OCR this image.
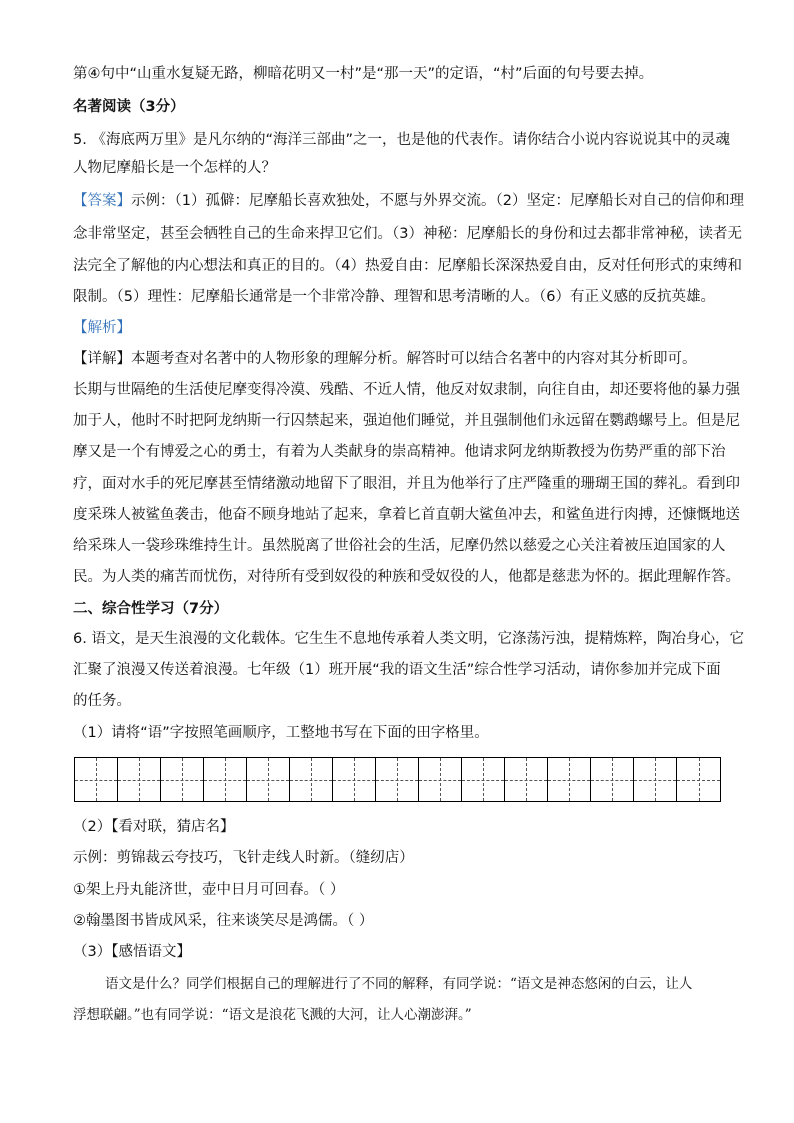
第④句中“山重水复疑无路，柳暗花明又一村”是“那一天”的定语，“村”后面的句号要去掉。
名著阅读（3分）
5. 《海底两万里》是凡尔纳的“海洋三部曲”之一，也是他的代表作。请你结合小说内容说说其中的灵魂
人物尼摩船长是一个怎样的人？
【答案】示例：（1）孤僻：尼摩船长喜欢独处，不愿与外界交流。（2）坚定：尼摩船长对自己的信仰和理
念非常坚定，甚至会牺牲自己的生命来捍卫它们。（3）神秘：尼摩船长的身份和过去都非常神秘，读者无
法完全了解他的内心想法和真正的目的。（4）热爱自由：尼摩船长深深热爱自由，反对任何形式的束缚和
限制。（5）理性：尼摩船长通常是一个非常冷静、理智和思考清晰的人。（6）有正义感的反抗英雄。
【解析】
【详解】本题考查对名著中的人物形象的理解分析。解答时可以结合名著中的内容对其分析即可。
长期与世隔绝的生活使尼摩变得冷漠、残酷、不近人情，他反对奴隶制，向往自由，却还要将他的暴力强
加于人，他时不时把阿龙纳斯一行囚禁起来，强迫他们睡觉，并且强制他们永远留在鹦鹉螺号上。但是尼
摩又是一个有博爱之心的勇士，有着为人类献身的崇高精神。他请求阿龙纳斯教授为伤势严重的部下治
疗，面对水手的死尼摩甚至情绪激动地留下了眼泪，并且为他举行了庄严隆重的珊瑚王国的葬礼。看到印
度采珠人被鲨鱼袭击，他奋不顾身地站了起来，拿着匕首直朝大鲨鱼冲去，和鲨鱼进行肉搏，还慷慨地送
给采珠人一袋珍珠维持生计。虽然脱离了世俗社会的生活，尼摩仍然以慈爱之心关注着被压迫国家的人
民。为人类的痛苦而忧伤，对待所有受到奴役的种族和受奴役的人，他都是慈悲为怀的。据此理解作答。
二、综合性学习（7分）
6. 语文，是天生浪漫的文化载体。它生生不息地传承着人类文明，它涤荡污浊，提精炼粹，陶冶身心，它
汇聚了浪漫又传送着浪漫。七年级（1）班开展“我的语文生活”综合性学习活动，请你参加并完成下面
的任务。
（1）请将“语”字按照笔画顺序，工整地书写在下面的田字格里。
（2）【看对联，猜店名】
示例：剪锦裁云夸技巧，飞针走线人时新。（缝纫店）
①架上丹丸能济世，壶中日月可回春。（ ）
②翰墨图书皆成风采，往来谈笑尽是鸿儒。（ ）
（3）【感悟语文】
语文是什么？同学们根据自己的理解进行了不同的解释，有同学说：“语文是神态悠闲的白云，让人
浮想联翩。”也有同学说：“语文是浪花飞溅的大河，让人心潮澎湃。”
